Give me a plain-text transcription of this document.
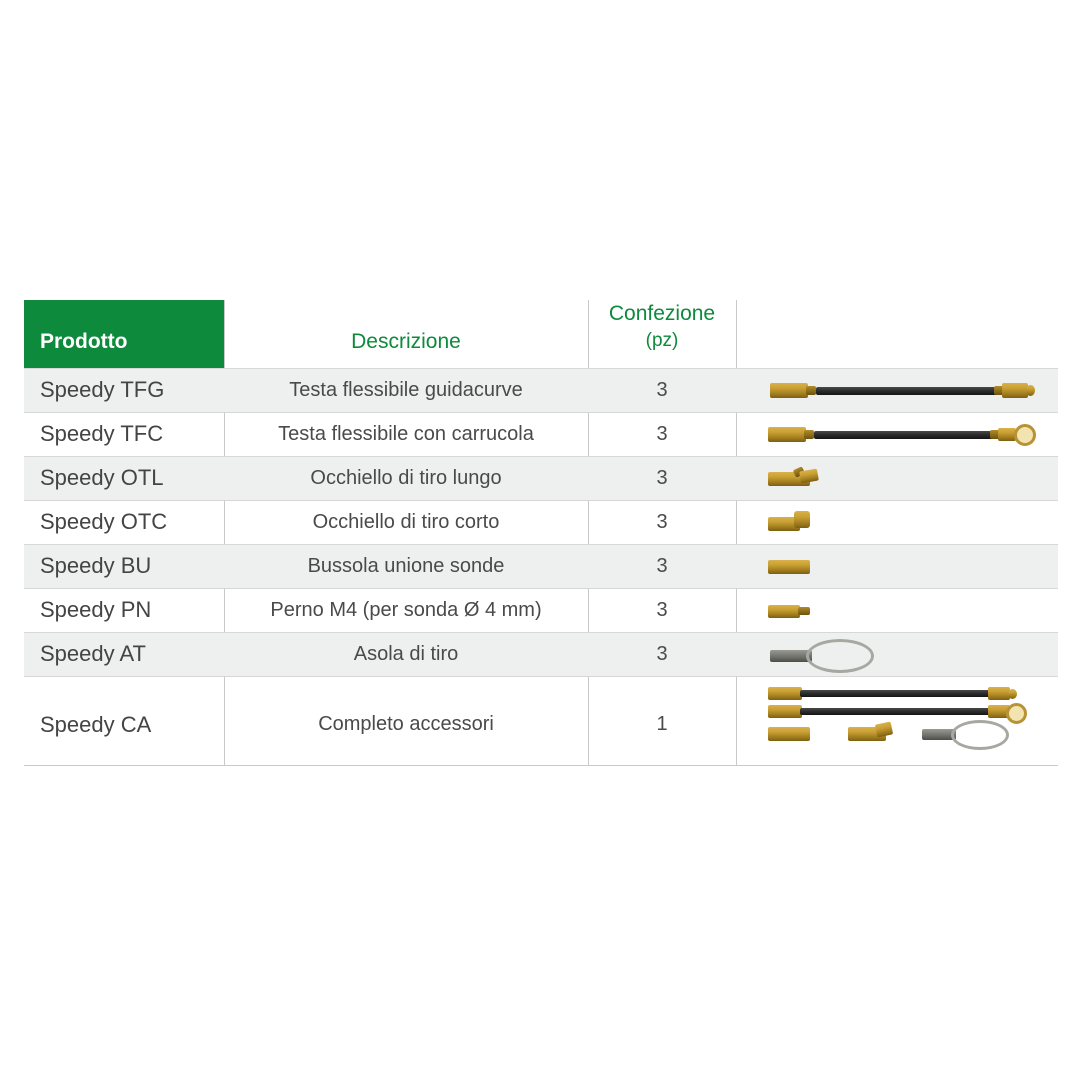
Prodotto	Descrizione	Confezione
(pz)	

Speedy TFG	Testa flessibile guidacurve	3	

Speedy TFC	Testa flessibile con carrucola	3	

Speedy OTL	Occhiello di tiro lungo	3	

Speedy OTC	Occhiello di tiro corto	3	

Speedy BU	Bussola unione sonde	3	

Speedy PN	Perno M4 (per sonda Ø 4 mm)	3	

Speedy AT	Asola di tiro	3	

Speedy CA	Completo accessori	1	
